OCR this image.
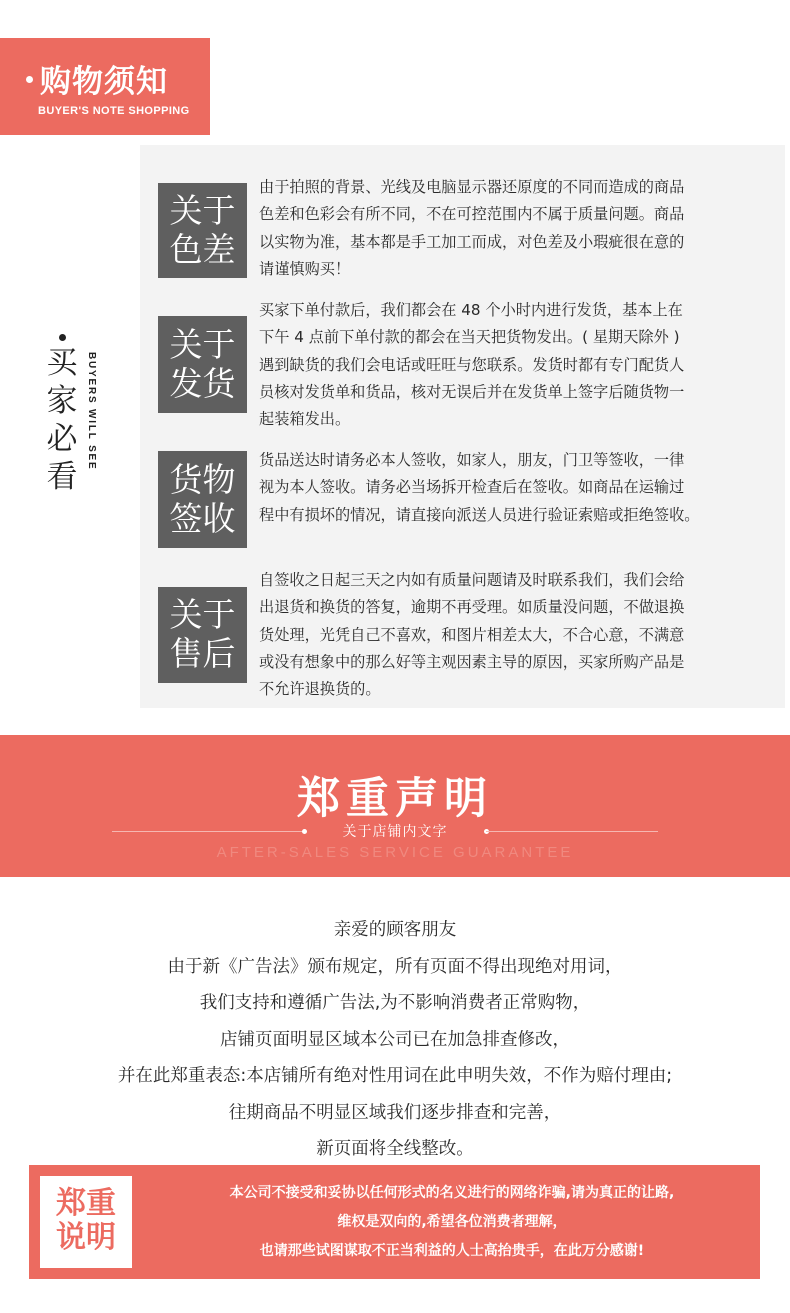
购物须知
BUYER'S NOTE SHOPPING
买
家
必
看
BUYERS WILL SEE
关于
色差
由于拍照的背景、光线及电脑显示器还原度的不同而造成的商品
色差和色彩会有所不同，不在可控范围内不属于质量问题。商品
以实物为准，基本都是手工加工而成，对色差及小瑕疵很在意的
请谨慎购买！
关于
发货
买家下单付款后，我们都会在 48 个小时内进行发货，基本上在
下午 4 点前下单付款的都会在当天把货物发出。( 星期天除外 )
遇到缺货的我们会电话或旺旺与您联系。发货时都有专门配货人
员核对发货单和货品，核对无误后并在发货单上签字后随货物一
起装箱发出。
货物
签收
货品送达时请务必本人签收，如家人，朋友，门卫等签收，一律
视为本人签收。请务必当场拆开检查后在签收。如商品在运输过
程中有损坏的情况，请直接向派送人员进行验证索赔或拒绝签收。
关于
售后
自签收之日起三天之内如有质量问题请及时联系我们，我们会给
出退货和换货的答复，逾期不再受理。如质量没问题，不做退换
货处理，光凭自己不喜欢，和图片相差太大，不合心意，不满意
或没有想象中的那么好等主观因素主导的原因，买家所购产品是
不允许退换货的。
郑重声明
关于店铺内文字
AFTER-SALES SERVICE GUARANTEE
亲爱的顾客朋友
由于新《广告法》颁布规定，所有页面不得出现绝对用词，
我们支持和遵循广告法,为不影响消费者正常购物，
店铺页面明显区域本公司已在加急排查修改，
并在此郑重表态:本店铺所有绝对性用词在此申明失效，不作为赔付理由;
往期商品不明显区域我们逐步排查和完善，
新页面将全线整改。
郑重
说明
本公司不接受和妥协以任何形式的名义进行的网络诈骗,请为真正的让路,
维权是双向的,希望各位消费者理解，
也请那些试图谋取不正当利益的人士高抬贵手，在此万分感谢!
